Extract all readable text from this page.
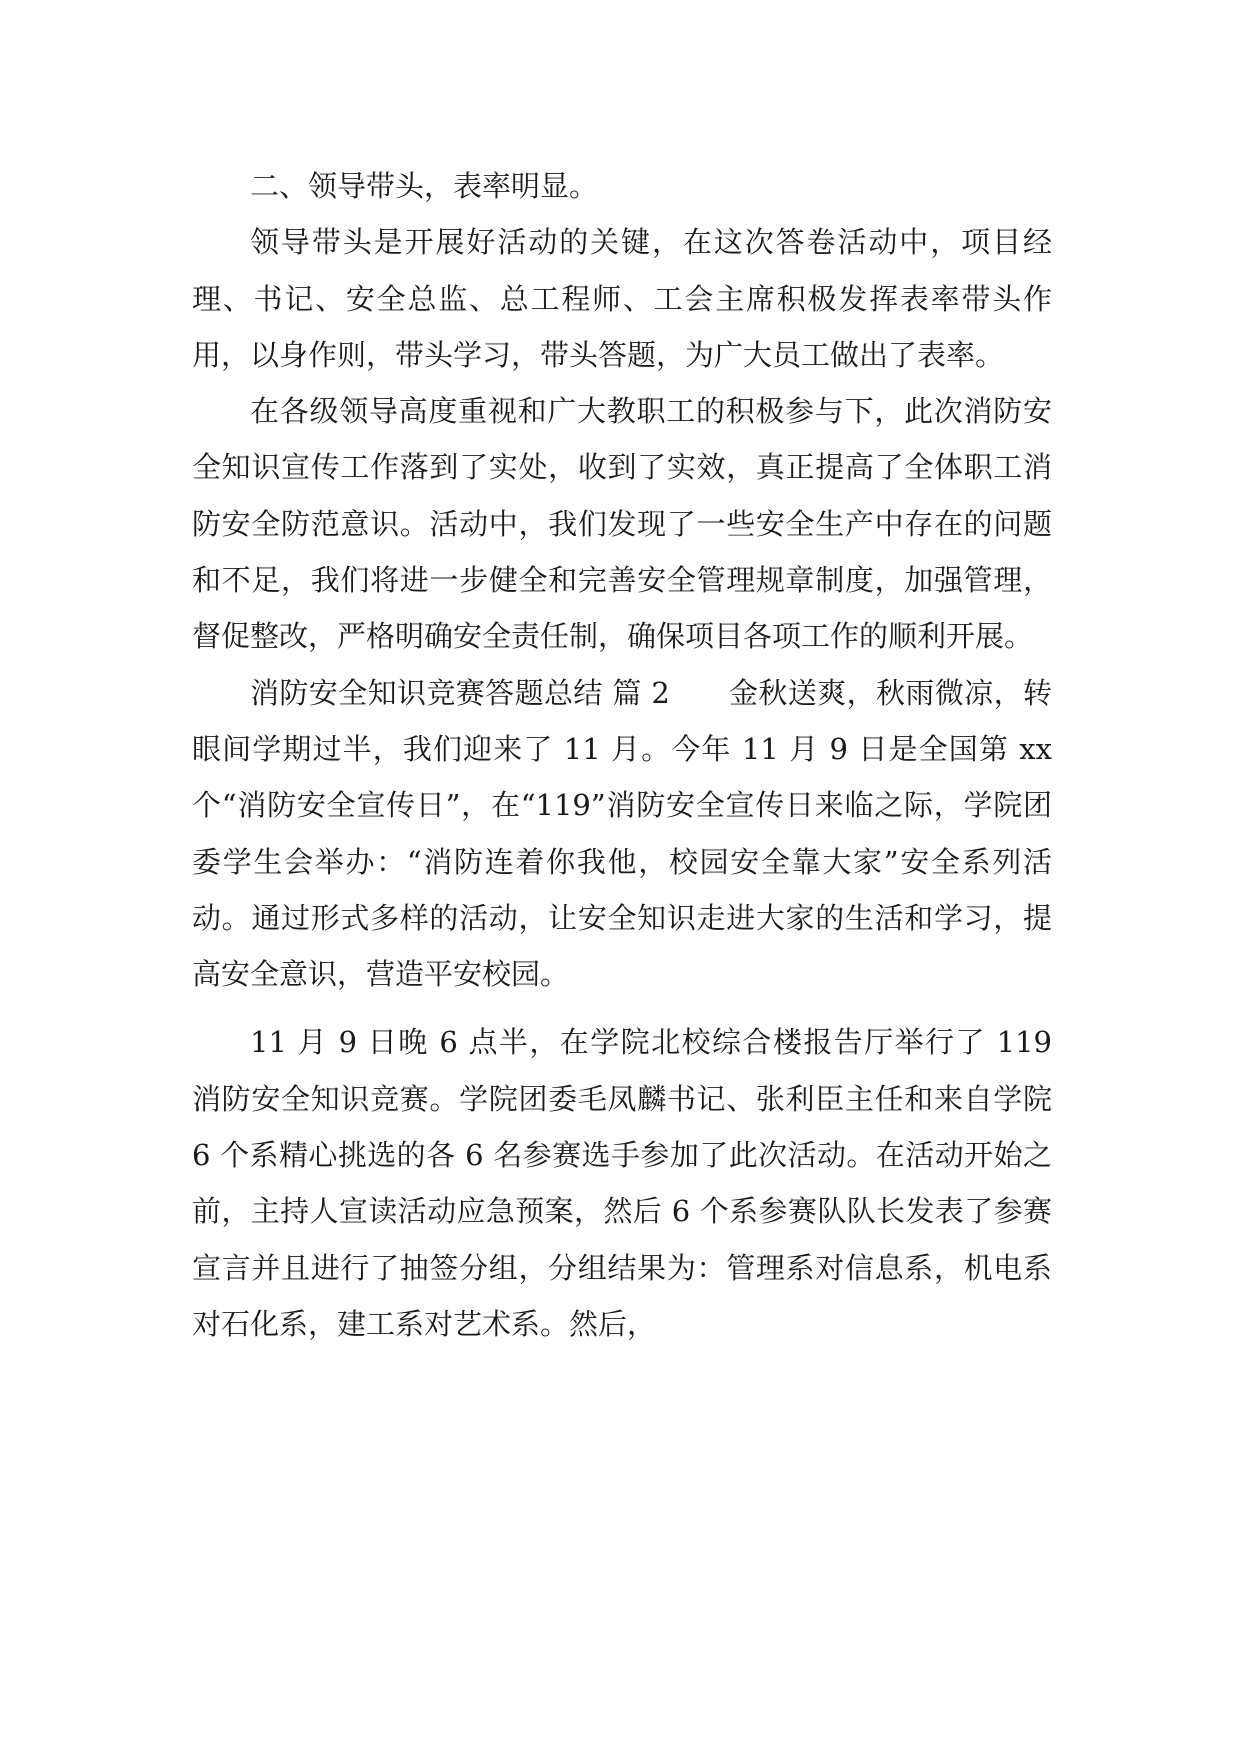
二、领导带头，表率明显。

领导带头是开展好活动的关键，在这次答卷活动中，项目经理、书记、安全总监、总工程师、工会主席积极发挥表率带头作用，以身作则，带头学习，带头答题，为广大员工做出了表率。

在各级领导高度重视和广大教职工的积极参与下，此次消防安全知识宣传工作落到了实处，收到了实效，真正提高了全体职工消防安全防范意识。活动中，我们发现了一些安全生产中存在的问题和不足，我们将进一步健全和完善安全管理规章制度，加强管理，督促整改，严格明确安全责任制，确保项目各项工作的顺利开展。

消防安全知识竞赛答题总结 篇 2　　金秋送爽，秋雨微凉，转眼间学期过半，我们迎来了 11 月。今年 11 月 9 日是全国第 xx 个“消防安全宣传日”，在“119”消防安全宣传日来临之际，学院团委学生会举办：“消防连着你我他，校园安全靠大家”安全系列活动。通过形式多样的活动，让安全知识走进大家的生活和学习，提高安全意识，营造平安校园。

11 月 9 日晚 6 点半，在学院北校综合楼报告厅举行了 119 消防安全知识竞赛。学院团委毛凤麟书记、张利臣主任和来自学院 6 个系精心挑选的各 6 名参赛选手参加了此次活动。在活动开始之前，主持人宣读活动应急预案，然后 6 个系参赛队队长发表了参赛宣言并且进行了抽签分组，分组结果为：管理系对信息系，机电系对石化系，建工系对艺术系。然后，
